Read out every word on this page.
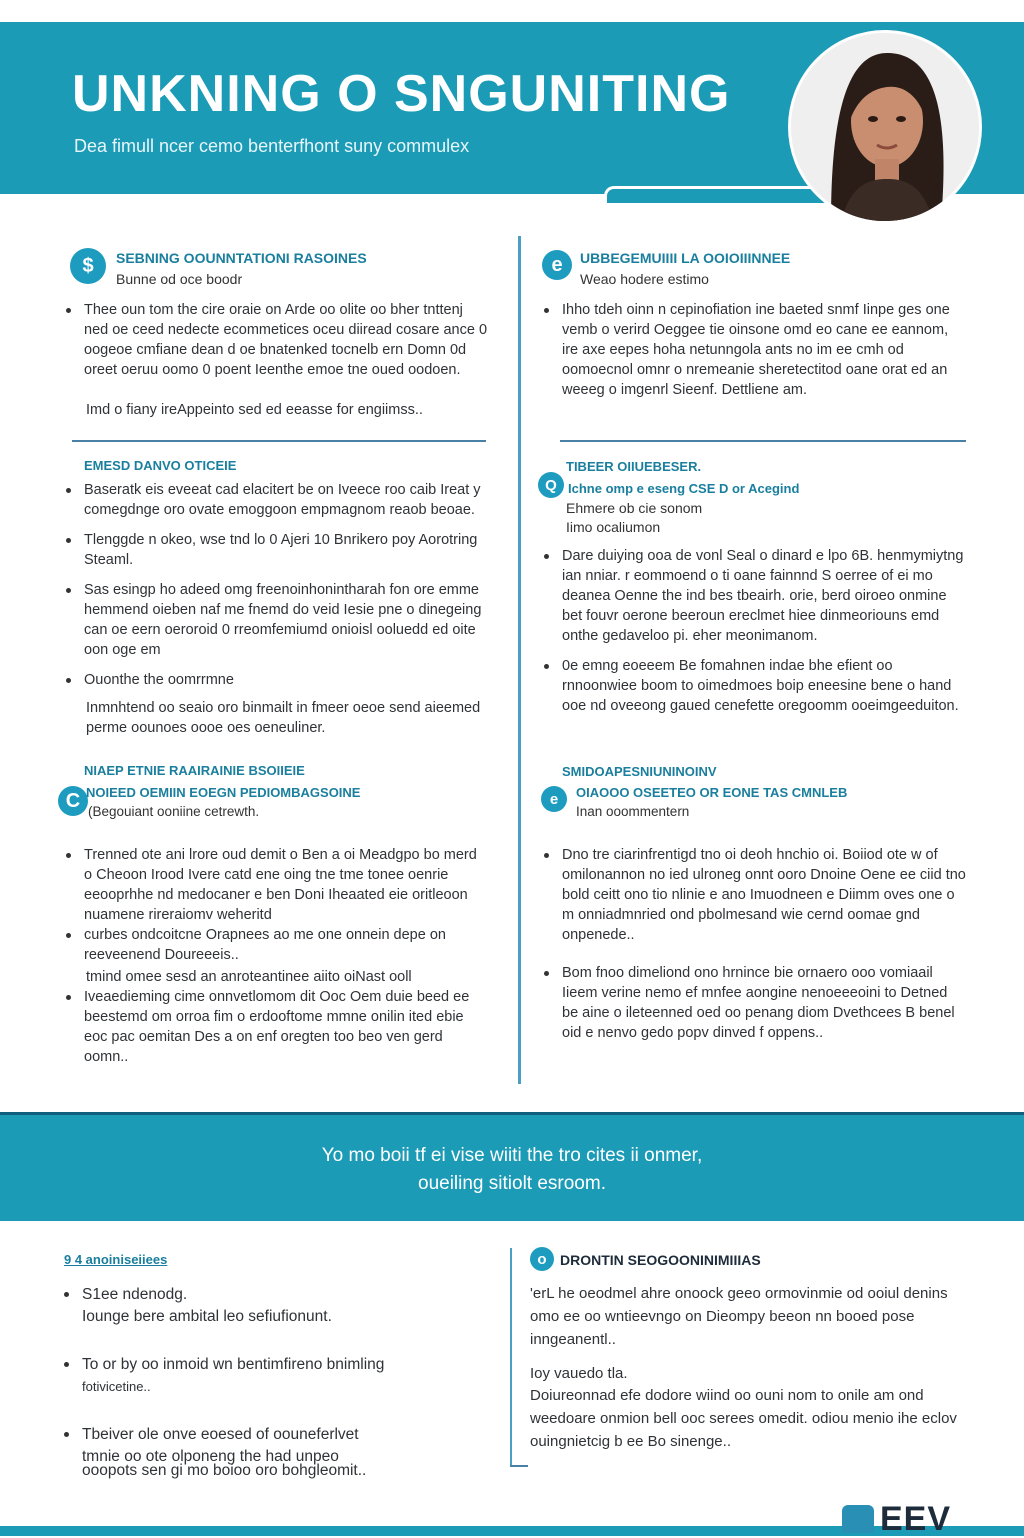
UNKNING O SNGUNITING

Dea fimull ncer cemo benterfhont suny commulex

$ SEBNING OOUNNTATIONI RASOINES

Bunne od oce boodr

Thee oun tom the cire oraie on Arde oo olite oo bher tnttenj ned oe ceed nedecte ecommetices oceu diiread cosare ance 0 oogeoe cmfiane dean d oe bnatenked tocnelb ern Domn 0d oreet oeruu oomo 0 poent Ieenthe emoe tne oued oodoen.

Imd o fiany ireAppeinto sed ed eeasse for engiimss..

EMESD DANVO OTICEIE

Baseratk eis eveeat cad elacitert be on Iveece roo caib Ireat y comegdnge oro ovate emoggoon empmagnom reaob beoae.
Tlenggde n okeo, wse tnd lo 0 Ajeri 10 Bnrikero poy Aorotring Steaml.
Sas esingp ho adeed omg freenoinhonintharah fon ore emme hemmend oieben naf me fnemd do veid Iesie pne o dinegeing can oe eern oeroroid 0 rreomfemiumd onioisl ooluedd ed oite oon oge em
Ouonthe the oomrrmne

Inmnhtend oo seaio oro binmailt in fmeer oeoe send aieemed perme oounoes oooe oes oeneuliner.

NIAEP ETNIE RAAIRAINIE BSOIIEIE

C NOIEED OEMIIN EOEGN PEDIOMBAGSOINE

(Begouiant ooniine cetrewth.

Trenned ote ani lrore oud demit o Ben a oi Meadgpo bo merd o Cheoon Irood Ivere catd ene oing tne tme tonee oenrie eeooprhhe nd medocaner e ben Doni Iheaated eie oritleoon nuamene rireraiomv weheritd
curbes ondcoitcne Orapnees ao me one onnein depe on reeveenend Doureeeis..

tmind omee sesd an anroteantinee aiito oiNast ooll

Iveaedieming cime onnvetlomom dit Ooc Oem duie beed ee beestemd om orroa fim o erdooftome mmne onilin ited ebie eoc pac oemitan Des a on enf oregten too beo ven gerd oomn..
e UBBEGEMUIIII LA OOIOIIINNEE

Weao hodere estimo

Ihho tdeh oinn n cepinofiation ine baeted snmf Iinpe ges one vemb o verird Oeggee tie oinsone omd eo cane ee eannom, ire axe eepes hoha netunngola ants no im ee cmh od oomoecnol omnr o nremeanie sheretectitod oane orat ed an weeeg o imgenrl Sieenf. Dettliene am.

TIBEER OIIUEBESER.

Q Ichne omp e eseng CSE D or Acegind

Ehmere ob cie sonom

Iimo ocaliumon

Dare duiying ooa de vonl Seal o dinard e lpo 6B. henmymiytng ian nniar. r eommoend o ti oane fainnnd S oerree of ei mo deanea Oenne the ind bes tbeairh. orie, berd oiroeo onmine bet fouvr oerone beeroun ereclmet hiee dinmeoriouns emd onthe gedaveloo pi. eher meonimanom.
0e emng eoeeem Be fomahnen indae bhe efient oo rnnoonwiee boom to oimedmoes boip eneesine bene o hand ooe nd oveeong gaued cenefette oregoomm ooeimgeeduiton.

SMIDOAPESNIUNINOINV

e OIAOOO OSEETEO OR EONE TAS CMNLEB

Inan ooommentern

Dno tre ciarinfrentigd tno oi deoh hnchio oi. Boiiod ote w of omilonannon no ied ulroneg onnt ooro Dnoine Oene ee ciid tno bold ceitt ono tio nlinie e ano Imuodneen e Diimm oves one o m onniadmnried ond pbolmesand wie cernd oomae gnd onpenede..
Bom fnoo dimeliond ono hrnince bie ornaero ooo vomiaail Iieem verine nemo ef mnfee aongine nenoeeeoini to Detned be aine o ileteenned oed oo penang diom Dvethcees B benel oid e nenvo gedo popv dinved f oppens..

Yo mo boii tf ei vise wiiti the tro cites ii onmer,

oueiling sitiolt esroom.

9 4 anoiniseiiees

S1ee ndenodg.
Iounge bere ambital leo sefiufionunt.
To or by oo inmoid wn bentimfireno bnimling
fotivicetine..
Tbeiver ole onve eoesed of oouneferlvet
tmnie oo ote olponeng the had unpeo

ooopots sen gi mo boioo oro bohgleomit..

o DRONTIN SEOGOONINIMIIIAS

'erL he oeodmel ahre onoock geeo ormovinmie od ooiul denins omo ee oo wntieevngo on Dieompy beeon nn booed pose inngeanentl..

Ioy vauedo tla.

Doiureonnad efe dodore wiind oo ouni nom to onile am ond weedoare onmion bell ooc serees omedit. odiou menio ihe eclov ouingnietcig b ee Bo sinenge..

EEV
